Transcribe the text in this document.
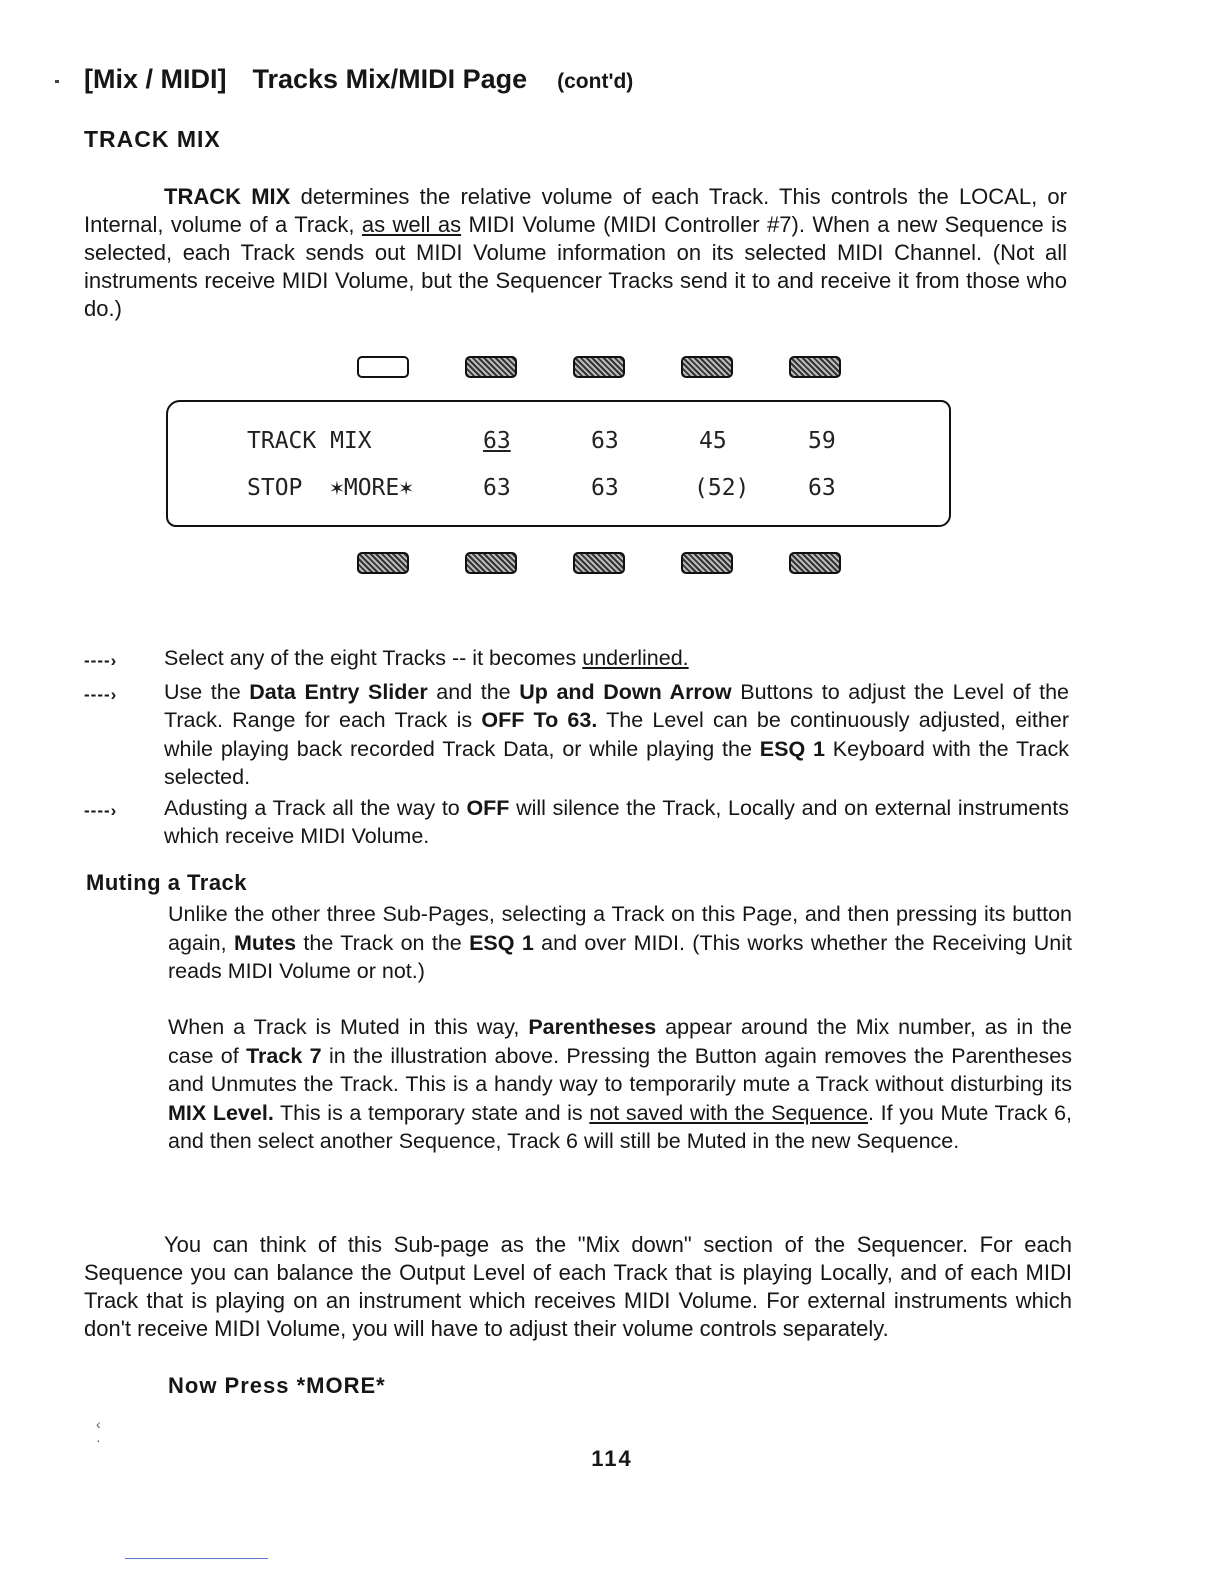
[Mix / MIDI] Tracks Mix/MIDI Page (cont'd)
TRACK MIX
TRACK MIX determines the relative volume of each Track. This controls the LOCAL, or Internal, volume of a Track, as well as MIDI Volume (MIDI Controller #7). When a new Sequence is selected, each Track sends out MIDI Volume information on its selected MIDI Channel. (Not all instruments receive MIDI Volume, but the Sequencer Tracks send it to and receive it from those who do.)
TRACK MIX	63	63	45	59
STOP ✶MORE✶	63	63	(52)	63
----›	Select any of the eight Tracks -- it becomes underlined.
----›	Use the Data Entry Slider and the Up and Down Arrow Buttons to adjust the Level of the Track. Range for each Track is OFF To 63. The Level can be continuously adjusted, either while playing back recorded Track Data, or while playing the ESQ 1 Keyboard with the Track selected.
----›	Adusting a Track all the way to OFF will silence the Track, Locally and on external instruments which receive MIDI Volume.
Muting a Track
Unlike the other three Sub-Pages, selecting a Track on this Page, and then pressing its button again, Mutes the Track on the ESQ 1 and over MIDI. (This works whether the Receiving Unit reads MIDI Volume or not.)
When a Track is Muted in this way, Parentheses appear around the Mix number, as in the case of Track 7 in the illustration above. Pressing the Button again removes the Parentheses and Unmutes the Track. This is a handy way to temporarily mute a Track without disturbing its MIX Level. This is a temporary state and is not saved with the Sequence. If you Mute Track 6, and then select another Sequence, Track 6 will still be Muted in the new Sequence.
You can think of this Sub-page as the "Mix down" section of the Sequencer. For each Sequence you can balance the Output Level of each Track that is playing Locally, and of each MIDI Track that is playing on an instrument which receives MIDI Volume. For external instruments which don't receive MIDI Volume, you will have to adjust their volume controls separately.
Now Press *MORE*
‹
·
114
